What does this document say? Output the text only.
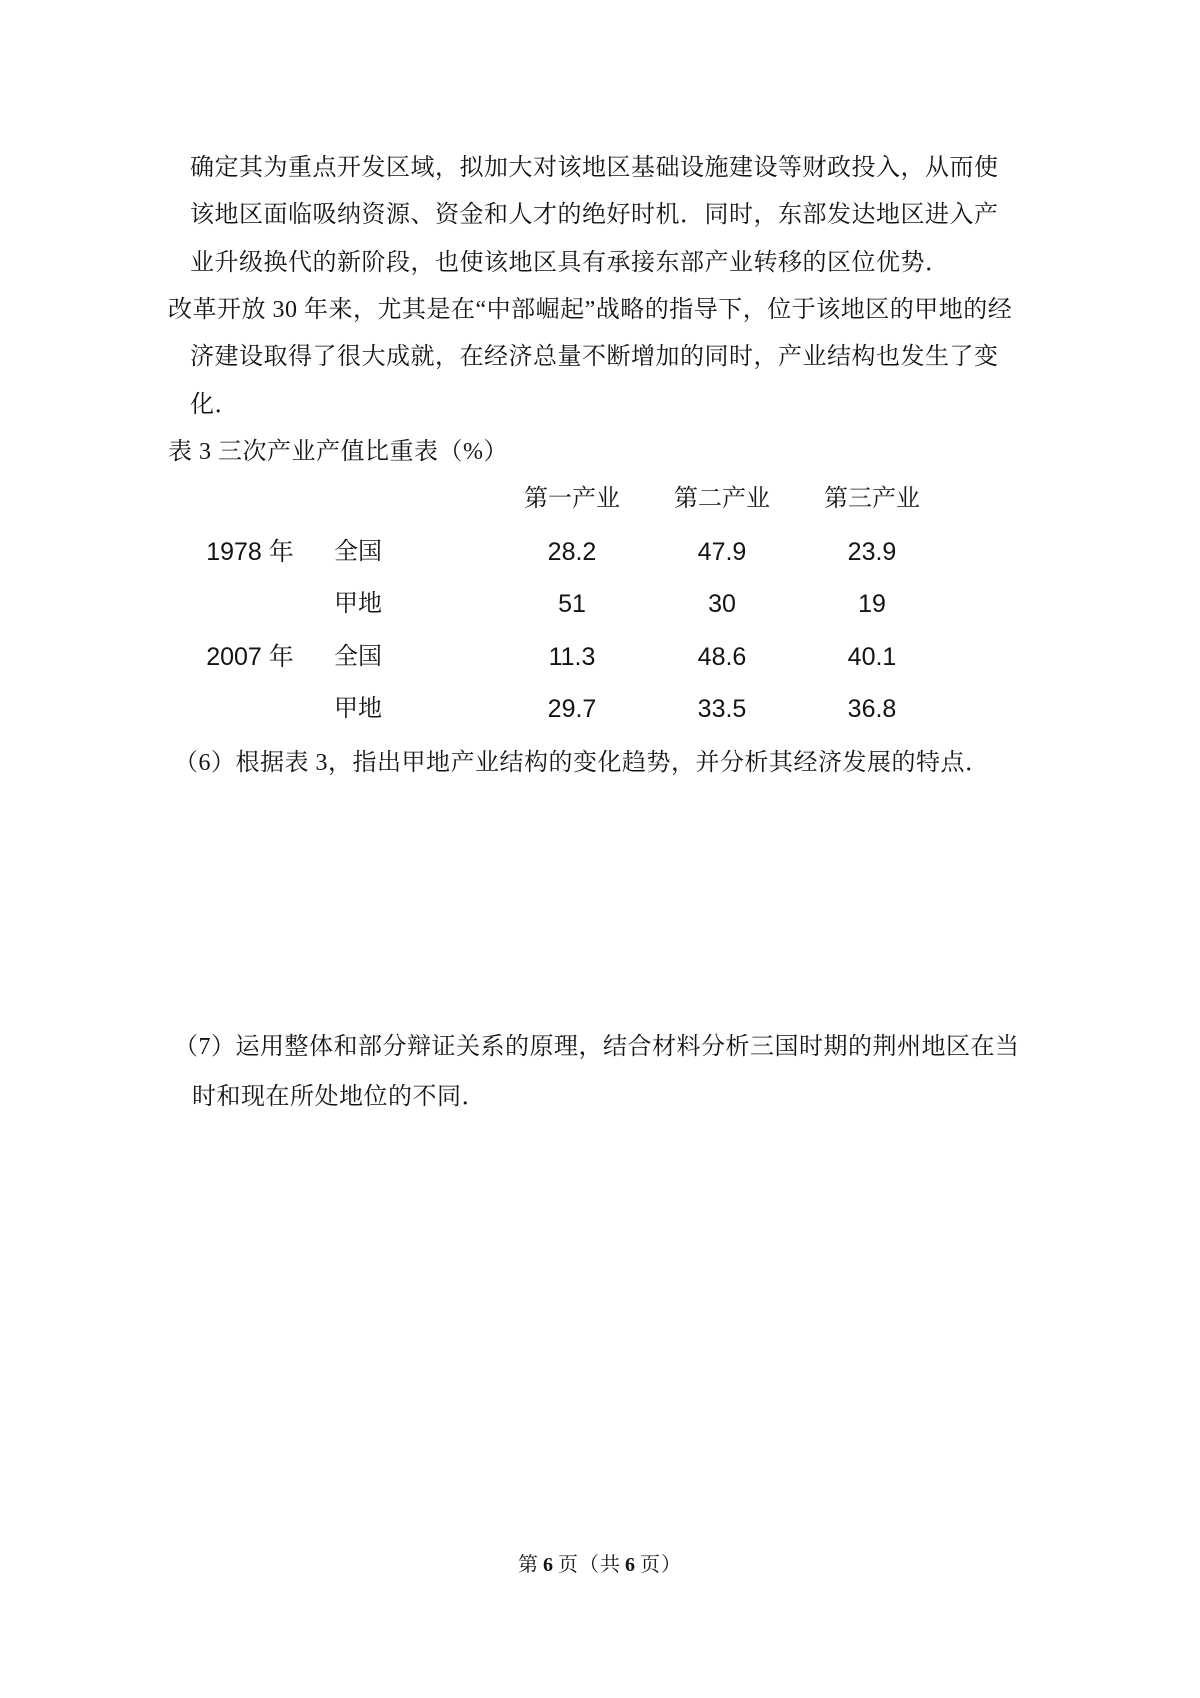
确定其为重点开发区域，拟加大对该地区基础设施建设等财政投入，从而使
该地区面临吸纳资源、资金和人才的绝好时机．同时，东部发达地区进入产
业升级换代的新阶段，也使该地区具有承接东部产业转移的区位优势．
改革开放 30 年来，尤其是在“中部崛起”战略的指导下，位于该地区的甲地的经
济建设取得了很大成就，在经济总量不断增加的同时，产业结构也发生了变
化．
表 3 三次产业产值比重表（%）
第一产业 第二产业 第三产业
1978 年 全国	28.2	47.9	23.9
甲地	51	30	19
2007 年 全国	11.3	48.6	40.1
甲地	29.7	33.5	36.8
（6）根据表 3，指出甲地产业结构的变化趋势，并分析其经济发展的特点．
（7）运用整体和部分辩证关系的原理，结合材料分析三国时期的荆州地区在当
时和现在所处地位的不同．
第 6 页（共 6 页）
